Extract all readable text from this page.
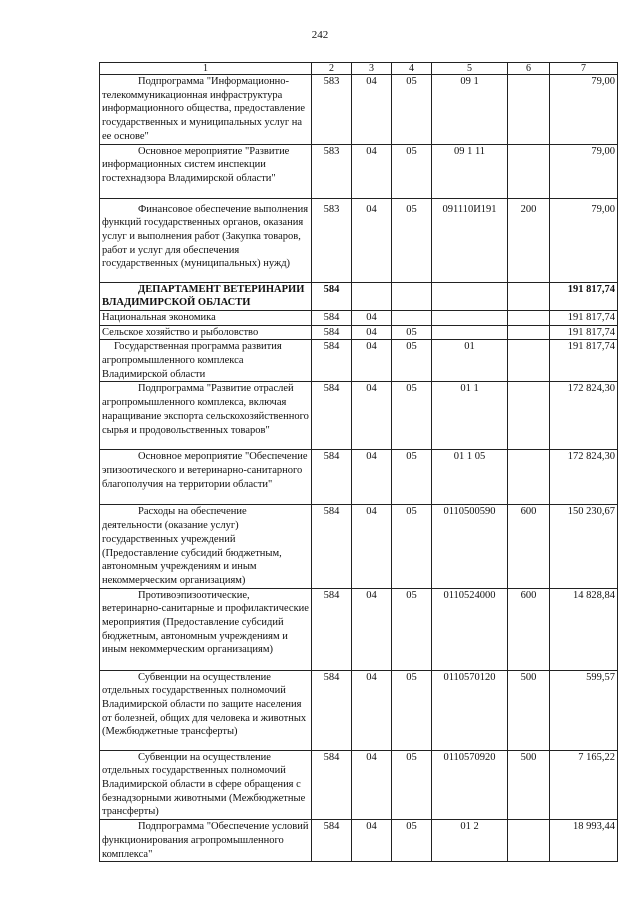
242
1	2	3	4	5	6	7
Подпрограмма "Информационно-телекоммуникационная инфраструктура информационного общества, предоставление государственных и муниципальных услуг на ее основе"	583	04	05	09 1		79,00
Основное мероприятие "Развитие информационных систем инспекции гостехнадзора Владимирской области"	583	04	05	09 1 11		79,00
Финансовое обеспечение выполнения функций государственных органов, оказания услуг и выполнения работ (Закупка товаров, работ и услуг для обеспечения государственных (муниципальных) нужд)	583	04	05	091110И191	200	79,00
ДЕПАРТАМЕНТ ВЕТЕРИНАРИИ ВЛАДИМИРСКОЙ ОБЛАСТИ	584					191 817,74
Национальная экономика	584	04				191 817,74
Сельское хозяйство и рыболовство	584	04	05			191 817,74
Государственная программа развития агропромышленного комплекса Владимирской области	584	04	05	01		191 817,74
Подпрограмма "Развитие отраслей агропромышленного комплекса, включая наращивание экспорта сельскохозяйственного сырья и продовольственных товаров"	584	04	05	01 1		172 824,30
Основное мероприятие "Обеспечение эпизоотического и ветеринарно-санитарного благополучия на территории области"	584	04	05	01 1 05		172 824,30
Расходы на обеспечение деятельности (оказание услуг) государственных учреждений (Предоставление субсидий бюджетным, автономным учреждениям и иным некоммерческим организациям)	584	04	05	0110500590	600	150 230,67
Противоэпизоотические, ветеринарно-санитарные и профилактические мероприятия (Предоставление субсидий бюджетным, автономным учреждениям и иным некоммерческим организациям)	584	04	05	0110524000	600	14 828,84
Субвенции на осуществление отдельных государственных полномочий Владимирской области по защите населения от болезней, общих для человека и животных (Межбюджетные трансферты)	584	04	05	0110570120	500	599,57
Субвенции на осуществление отдельных государственных полномочий Владимирской области в сфере обращения с безнадзорными животными (Межбюджетные трансферты)	584	04	05	0110570920	500	7 165,22
Подпрограмма "Обеспечение условий функционирования агропромышленного комплекса"	584	04	05	01 2		18 993,44
